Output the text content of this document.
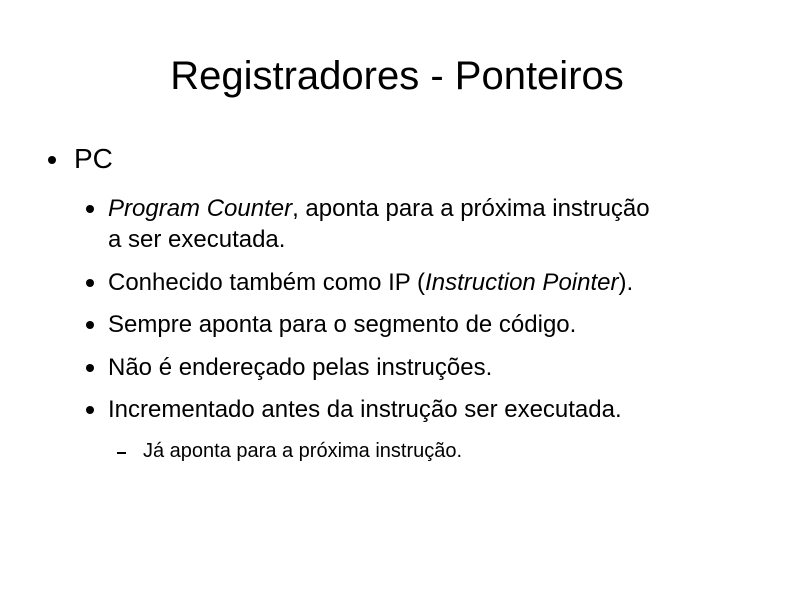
Registradores - Ponteiros
PC
Program Counter, aponta para a próxima instrução
a ser executada.
Conhecido também como IP (Instruction Pointer).
Sempre aponta para o segmento de código.
Não é endereçado pelas instruções.
Incrementado antes da instrução ser executada.
Já aponta para a próxima instrução.
